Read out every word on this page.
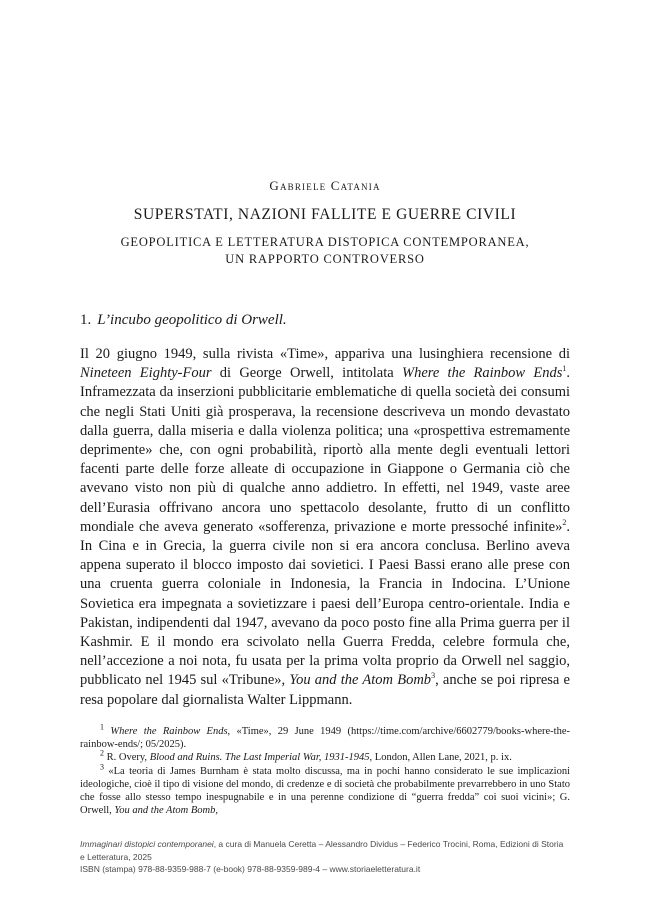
Gabriele Catania
SUPERSTATI, NAZIONI FALLITE E GUERRE CIVILI
GEOPOLITICA E LETTERATURA DISTOPICA CONTEMPORANEA,
UN RAPPORTO CONTROVERSO
1. L’incubo geopolitico di Orwell.

Il 20 giugno 1949, sulla rivista «Time», appariva una lusinghiera recensione di Nineteen Eighty-Four di George Orwell, intitolata Where the Rainbow Ends$^1$. Inframezzata da inserzioni pubblicitarie emblematiche di quella società dei consumi che negli Stati Uniti già prosperava, la recensione descriveva un mondo devastato dalla guerra, dalla miseria e dalla violenza politica; una «prospettiva estremamente deprimente» che, con ogni probabilità, riportò alla mente degli eventuali lettori facenti parte delle forze alleate di occupazione in Giappone o Germania ciò che avevano visto non più di qualche anno addietro. In effetti, nel 1949, vaste aree dell’Eurasia offrivano ancora uno spettacolo desolante, frutto di un conflitto mondiale che aveva generato «sofferenza, privazione e morte pressoché infinite»$^2$. In Cina e in Grecia, la guerra civile non si era ancora conclusa. Berlino aveva appena superato il blocco imposto dai sovietici. I Paesi Bassi erano alle prese con una cruenta guerra coloniale in Indonesia, la Francia in Indocina. L’Unione Sovietica era impegnata a sovietizzare i paesi dell’Europa centro-orientale. India e Pakistan, indipendenti dal 1947, avevano da poco posto fine alla Prima guerra per il Kashmir. E il mondo era scivolato nella Guerra Fredda, celebre formula che, nell’accezione a noi nota, fu usata per la prima volta proprio da Orwell nel saggio, pubblicato nel 1945 sul «Tribune», You and the Atom Bomb$^3$, anche se poi ripresa e resa popolare dal giornalista Walter Lippmann.

$^1$ Where the Rainbow Ends, «Time», 29 June 1949 (https://time.com/archive/6602779/books-where-the-rainbow-ends/; 05/2025).

$^2$ R. Overy, Blood and Ruins. The Last Imperial War, 1931-1945, London, Allen Lane, 2021, p. ix.

$^3$ «La teoria di James Burnham è stata molto discussa, ma in pochi hanno considerato le sue implicazioni ideologiche, cioè il tipo di visione del mondo, di credenze e di società che probabilmente prevarrebbero in uno Stato che fosse allo stesso tempo inespugnabile e in una perenne condizione di “guerra fredda” coi suoi vicini»; G. Orwell, You and the Atom Bomb,

Immaginari distopici contemporanei, a cura di Manuela Ceretta – Alessandro Dividus – Federico Trocini, Roma, Edizioni di Storia e Letteratura, 2025

ISBN (stampa) 978-88-9359-988-7 (e-book) 978-88-9359-989-4 – www.storiaeletteratura.it
